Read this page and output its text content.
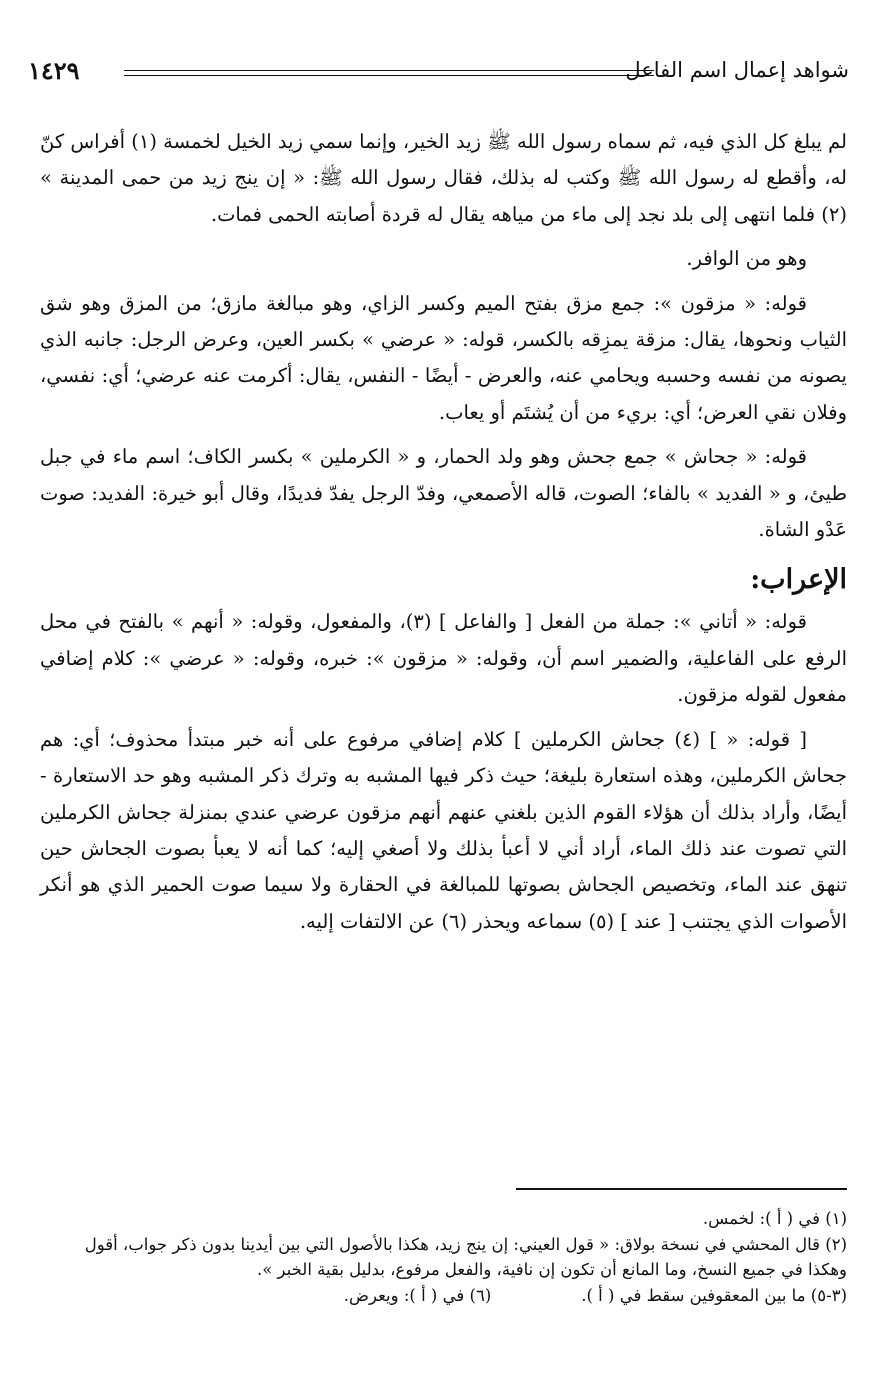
شواهد إعمال اسم الفاعل
١٤٢٩

لم يبلغ كل الذي فيه، ثم سماه رسول الله ﷺ زيد الخير، وإنما سمي زيد الخيل لخمسة (١) أفراس كنّ له، وأقطع له رسول الله ﷺ وكتب له بذلك، فقال رسول الله ﷺ: « إن ينج زيد من حمى المدينة » (٢) فلما انتهى إلى بلد نجد إلى ماء من مياهه يقال له قردة أصابته الحمى فمات.

وهو من الوافر.

قوله: « مزقون »: جمع مزق بفتح الميم وكسر الزاي، وهو مبالغة مازق؛ من المزق وهو شق الثياب ونحوها، يقال: مزقة يمزِقه بالكسر، قوله: « عرضي » بكسر العين، وعرض الرجل: جانبه الذي يصونه من نفسه وحسبه ويحامي عنه، والعرض - أيضًا - النفس، يقال: أكرمت عنه عرضي؛ أي: نفسي، وفلان نقي العرض؛ أي: بريء من أن يُشتَم أو يعاب.

قوله: « جحاش » جمع جحش وهو ولد الحمار، و « الكرملين » بكسر الكاف؛ اسم ماء في جبل طيئ، و « الفديد » بالفاء؛ الصوت، قاله الأصمعي، وفدّ الرجل يفدّ فديدًا، وقال أبو خيرة: الفديد: صوت عَدْو الشاة.

الإعراب:

قوله: « أتاني »: جملة من الفعل [ والفاعل ] (٣)، والمفعول، وقوله: « أنهم » بالفتح في محل الرفع على الفاعلية، والضمير اسم أن، وقوله: « مزقون »: خبره، وقوله: « عرضي »: كلام إضافي مفعول لقوله مزقون.

[ قوله: « ] (٤) جحاش الكرملين ] كلام إضافي مرفوع على أنه خبر مبتدأ محذوف؛ أي: هم جحاش الكرملين، وهذه استعارة بليغة؛ حيث ذكر فيها المشبه به وترك ذكر المشبه وهو حد الاستعارة - أيضًا، وأراد بذلك أن هؤلاء القوم الذين بلغني عنهم أنهم مزقون عرضي عندي بمنزلة جحاش الكرملين التي تصوت عند ذلك الماء، أراد أني لا أعبأ بذلك ولا أصغي إليه؛ كما أنه لا يعبأ بصوت الجحاش حين تنهق عند الماء، وتخصيص الجحاش بصوتها للمبالغة في الحقارة ولا سيما صوت الحمير الذي هو أنكر الأصوات الذي يجتنب [ عند ] (٥) سماعه ويحذر (٦) عن الالتفات إليه.

(١) في ( أ ): لخمس.
(٢) قال المحشي في نسخة بولاق: « قول العيني: إن ينج زيد، هكذا بالأصول التي بين أيدينا بدون ذكر جواب، أقول
وهكذا في جميع النسخ، وما المانع أن تكون إن نافية، والفعل مرفوع، بدليل بقية الخبر ».
(٣-٥) ما بين المعقوفين سقط في ( أ ).
(٦) في ( أ ): ويعرض.
